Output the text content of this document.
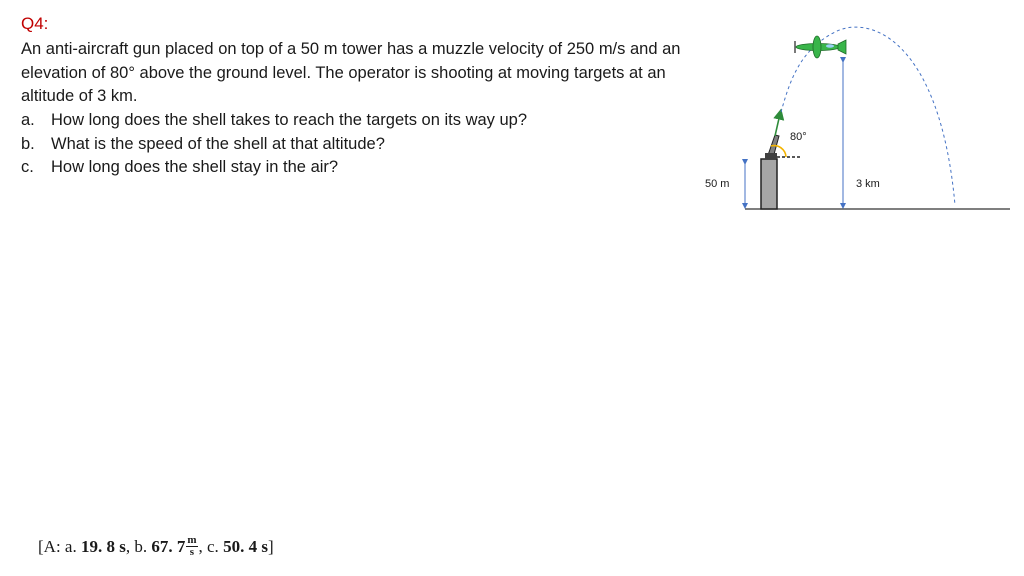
Q4:

An anti-aircraft gun placed on top of a 50 m tower has a muzzle velocity of 250 m/s and an elevation of 80° above the ground level. The operator is shooting at moving targets at an altitude of 3 km.

a. How long does the shell takes to reach the targets on its way up?
b. What is the speed of the shell at that altitude?
c.	How long does the shell stay in the air?
50 m
80°
3 km
[A: a. 19. 8 s , b. 67. $7 \frac{m}{s}$ , c. 50. 4 s ]
